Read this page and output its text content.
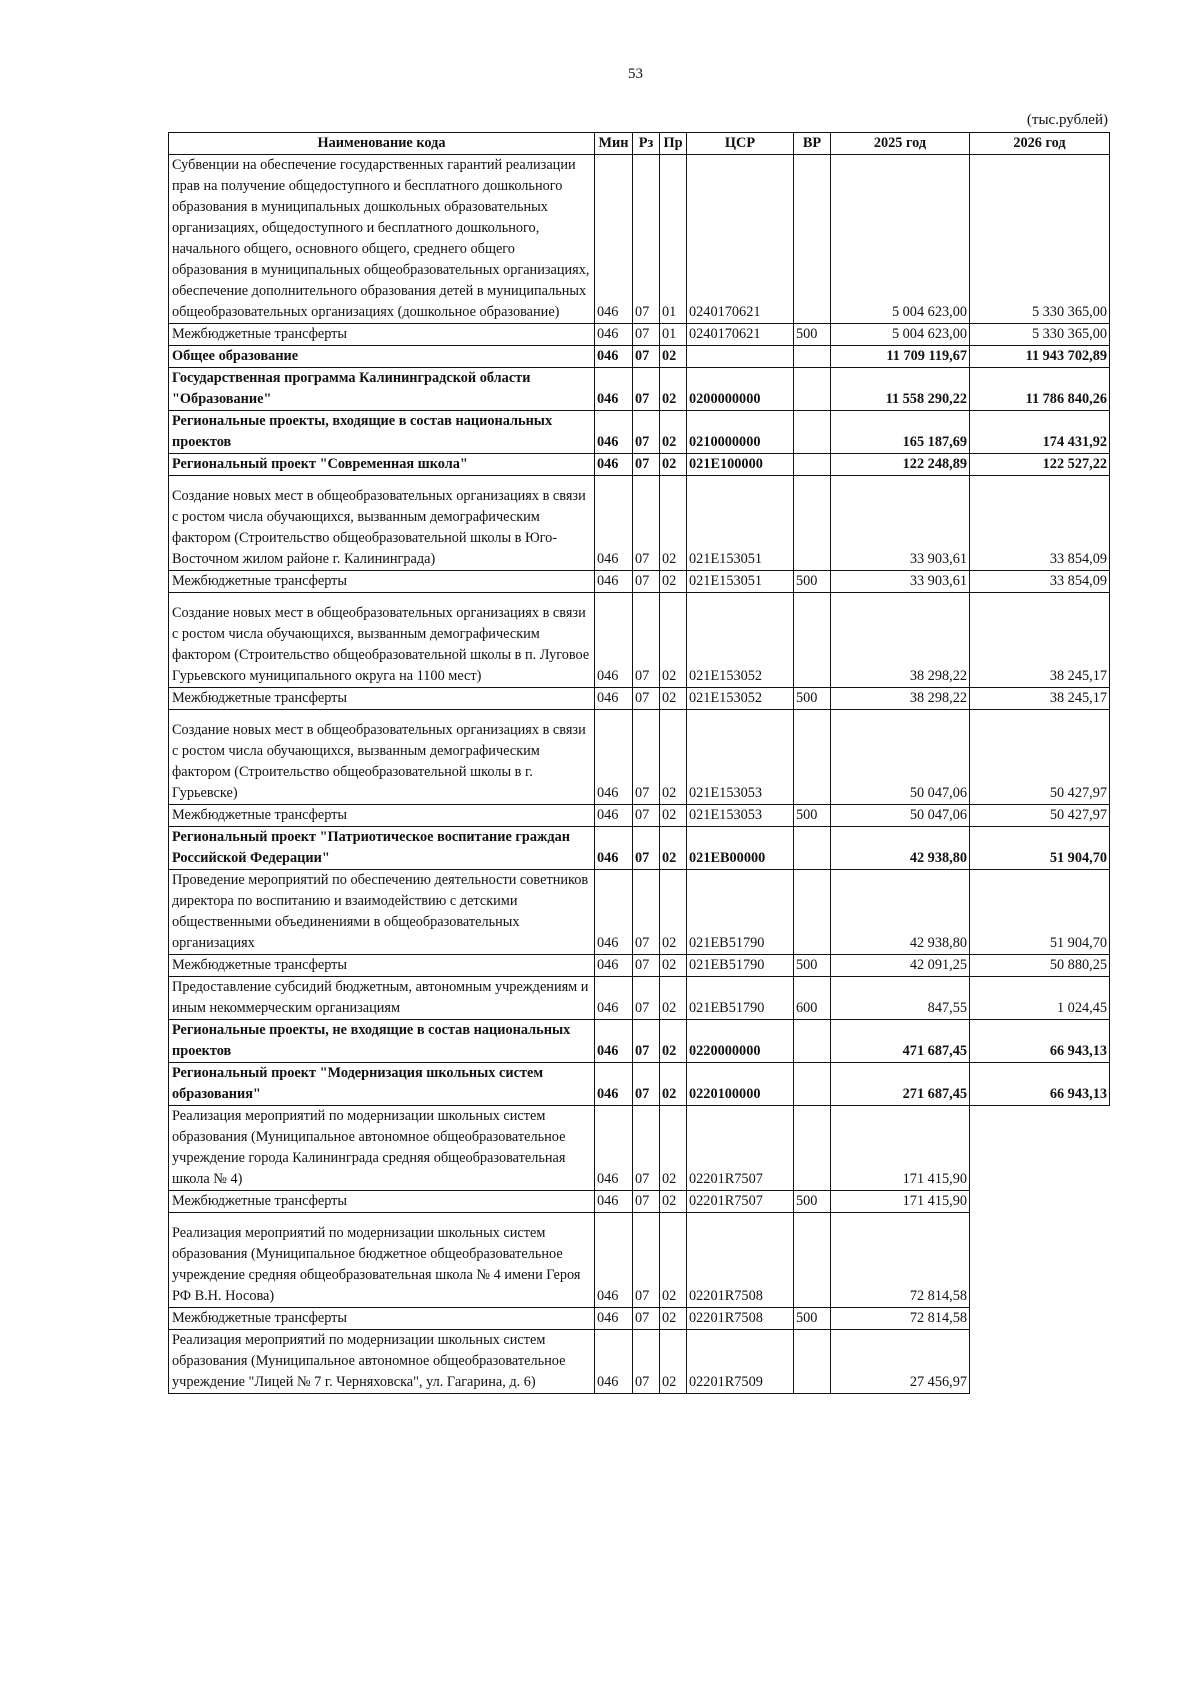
53
(тыс.рублей)
Наименование кода	Мин	Рз	Пр	ЦСР	ВР	2025 год	2026 год
Субвенции на обеспечение государственных гарантий реализации прав на получение общедоступного и бесплатного дошкольного образования в муниципальных дошкольных образовательных организациях, общедоступного и бесплатного дошкольного, начального общего, основного общего, среднего общего образования в муниципальных общеобразовательных организациях, обеспечение дополнительного образования детей в муниципальных общеобразовательных организациях (дошкольное образование)	046	07	01	0240170621		5 004 623,00	5 330 365,00
Межбюджетные трансферты	046	07	01	0240170621	500	5 004 623,00	5 330 365,00
Общее образование	046	07	02			11 709 119,67	11 943 702,89
Государственная программа Калининградской области "Образование"	046	07	02	0200000000		11 558 290,22	11 786 840,26
Региональные проекты, входящие в состав национальных проектов	046	07	02	0210000000		165 187,69	174 431,92
Региональный проект "Современная школа"	046	07	02	021Е100000		122 248,89	122 527,22
Создание новых мест в общеобразовательных организациях в связи с ростом числа обучающихся, вызванным демографическим фактором (Строительство общеобразовательной школы в Юго-Восточном жилом районе г. Калининграда)	046	07	02	021Е153051		33 903,61	33 854,09
Межбюджетные трансферты	046	07	02	021Е153051	500	33 903,61	33 854,09
Создание новых мест в общеобразовательных организациях в связи с ростом числа обучающихся, вызванным демографическим фактором (Строительство общеобразовательной школы в п. Луговое Гурьевского муниципального округа на 1100 мест)	046	07	02	021Е153052		38 298,22	38 245,17
Межбюджетные трансферты	046	07	02	021Е153052	500	38 298,22	38 245,17
Создание новых мест в общеобразовательных организациях в связи с ростом числа обучающихся, вызванным демографическим фактором (Строительство общеобразовательной школы в г. Гурьевске)	046	07	02	021Е153053		50 047,06	50 427,97
Межбюджетные трансферты	046	07	02	021Е153053	500	50 047,06	50 427,97
Региональный проект "Патриотическое воспитание граждан Российской Федерации"	046	07	02	021ЕВ00000		42 938,80	51 904,70
Проведение мероприятий по обеспечению деятельности советников директора по воспитанию и взаимодействию с детскими общественными объединениями в общеобразовательных организациях	046	07	02	021ЕВ51790		42 938,80	51 904,70
Межбюджетные трансферты	046	07	02	021ЕВ51790	500	42 091,25	50 880,25
Предоставление субсидий бюджетным, автономным учреждениям и иным некоммерческим организациям	046	07	02	021ЕВ51790	600	847,55	1 024,45
Региональные проекты, не входящие в состав национальных проектов	046	07	02	0220000000		471 687,45	66 943,13
Региональный проект "Модернизация школьных систем образования"	046	07	02	0220100000		271 687,45	66 943,13
Реализация мероприятий по модернизации школьных систем образования (Муниципальное автономное общеобразовательное учреждение города Калининграда средняя общеобразовательная школа № 4)	046	07	02	02201R7507		171 415,90	
Межбюджетные трансферты	046	07	02	02201R7507	500	171 415,90	
Реализация мероприятий по модернизации школьных систем образования (Муниципальное бюджетное общеобразовательное учреждение средняя общеобразовательная школа № 4 имени Героя РФ В.Н. Носова)	046	07	02	02201R7508		72 814,58	
Межбюджетные трансферты	046	07	02	02201R7508	500	72 814,58	
Реализация мероприятий по модернизации школьных систем образования (Муниципальное автономное общеобразовательное учреждение "Лицей № 7 г. Черняховска", ул. Гагарина, д. 6)	046	07	02	02201R7509		27 456,97	
